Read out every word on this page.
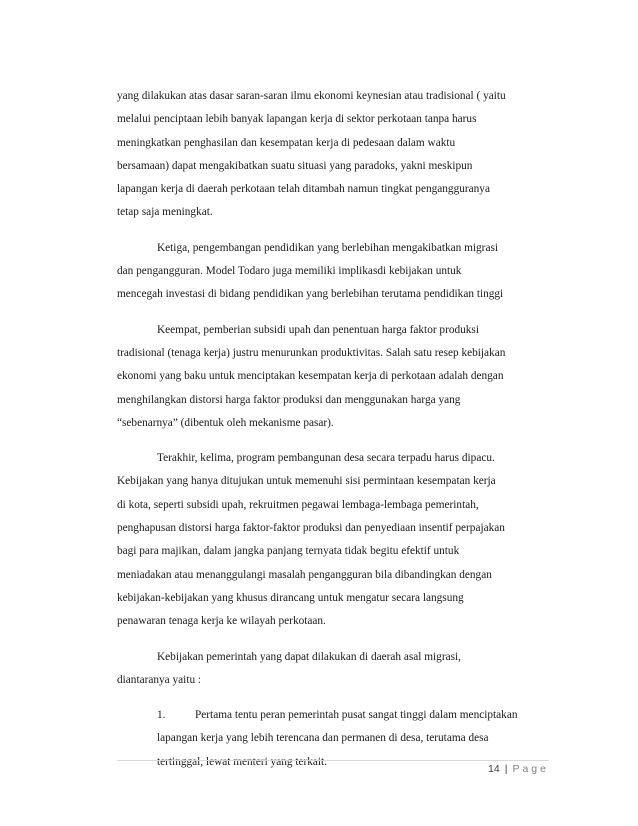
yang dilakukan atas dasar saran-saran ilmu ekonomi keynesian atau tradisional ( yaitu
melalui penciptaan lebih banyak lapangan kerja di sektor perkotaan tanpa harus
meningkatkan penghasilan dan kesempatan kerja di pedesaan dalam waktu
bersamaan) dapat mengakibatkan suatu situasi yang paradoks, yakni meskipun
lapangan kerja di daerah perkotaan telah ditambah namun tingkat pengangguranya
tetap saja meningkat.
Ketiga, pengembangan pendidikan yang berlebihan mengakibatkan migrasi
dan pengangguran. Model Todaro juga memiliki implikasdi kebijakan untuk
mencegah investasi di bidang pendidikan yang berlebihan terutama pendidikan tinggi
Keempat, pemberian subsidi upah dan penentuan harga faktor produksi
tradisional (tenaga kerja) justru menurunkan produktivitas. Salah satu resep kebijakan
ekonomi yang baku untuk menciptakan kesempatan kerja di perkotaan adalah dengan
menghilangkan distorsi harga faktor produksi dan menggunakan harga yang
“sebenarnya” (dibentuk oleh mekanisme pasar).
Terakhir, kelima, program pembangunan desa secara terpadu harus dipacu.
Kebijakan yang hanya ditujukan untuk memenuhi sisi permintaan kesempatan kerja
di kota, seperti subsidi upah, rekruitmen pegawai lembaga-lembaga pemerintah,
penghapusan distorsi harga faktor-faktor produksi dan penyediaan insentif perpajakan
bagi para majikan, dalam jangka panjang ternyata tidak begitu efektif untuk
meniadakan atau menanggulangi masalah pengangguran bila dibandingkan dengan
kebijakan-kebijakan yang khusus dirancang untuk mengatur secara langsung
penawaran tenaga kerja ke wilayah perkotaan.
Kebijakan pemerintah yang dapat dilakukan di daerah asal migrasi,
diantaranya yaitu :
1.	Pertama tentu peran pemerintah pusat sangat tinggi dalam menciptakan
lapangan kerja yang lebih terencana dan permanen di desa, terutama desa
tertinggal, lewat menteri yang terkait.
14 | Page
